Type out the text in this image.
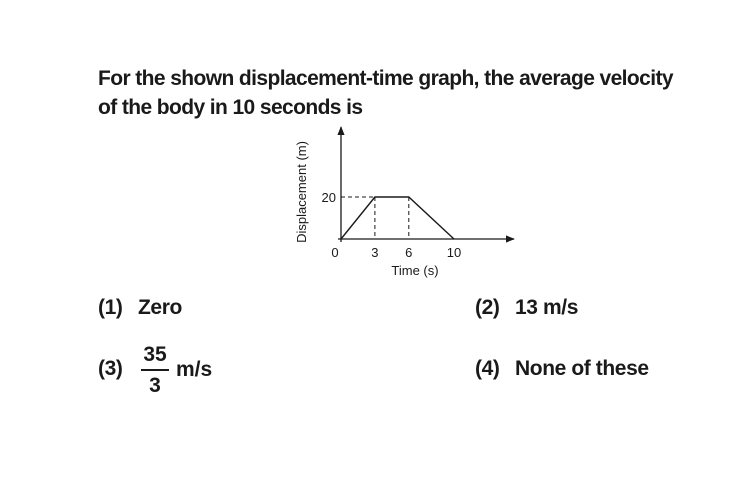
For the shown displacement-time graph, the average velocity
of the body in 10 seconds is
0	3 6	10
20
Time (s)
Displacement (m)
(1) Zero	(2) 13 m/s
(3)
35
3
m/s	(4) None of these
